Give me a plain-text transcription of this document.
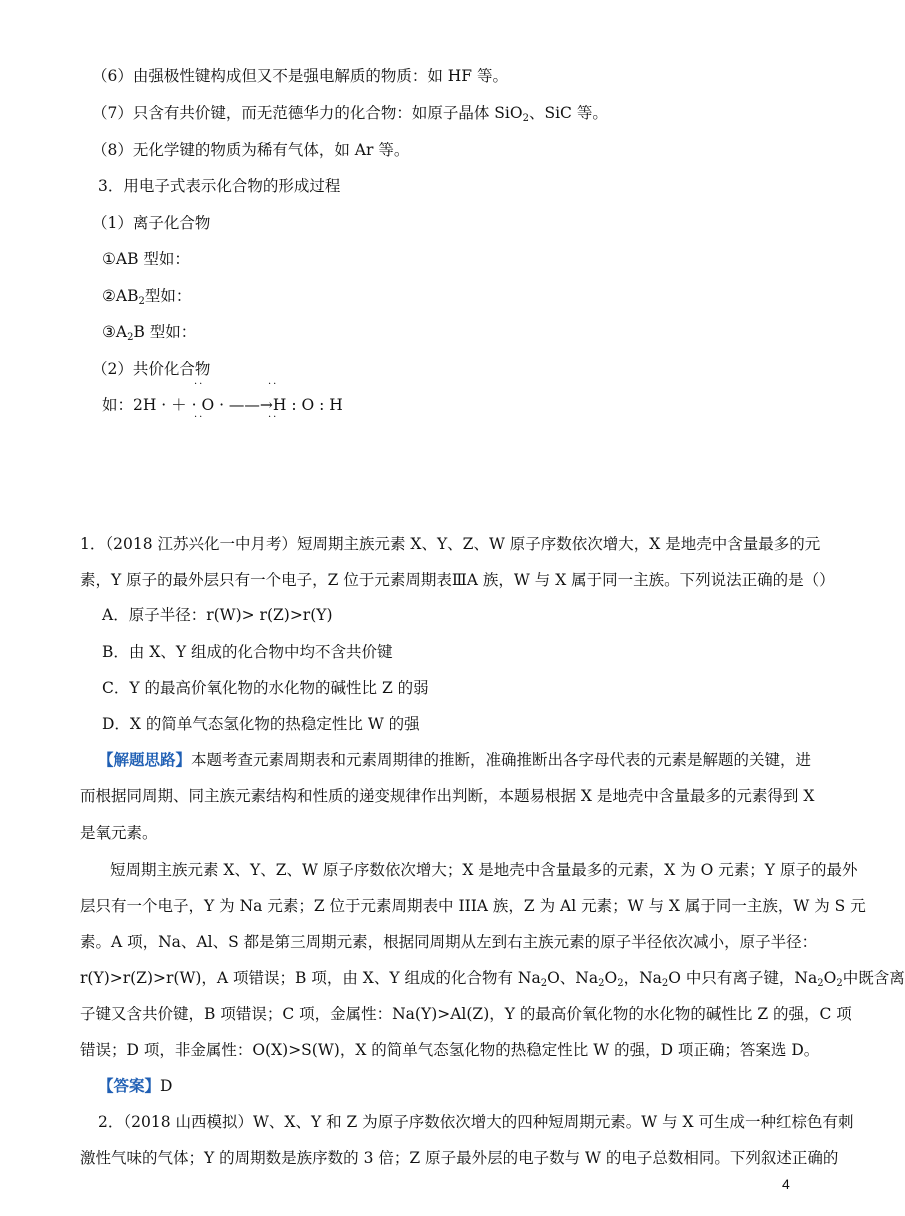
（6）由强极性键构成但又不是强电解质的物质：如 HF 等。
（7）只含有共价键，而无范德华力的化合物：如原子晶体 SiO$_2$、SiC 等。
（8）无化学键的物质为稀有气体，如 Ar 等。
3．用电子式表示化合物的形成过程
（1）离子化合物
①AB 型如：
$②AB_2$型如：
$③A_2B$ 型如：
（2）共价化合物
如：2H · ＋ · O · ——→H : O : H
··
··
··
··
1．（2018 江苏兴化一中月考）短周期主族元素 X、Y、Z、W 原子序数依次增大，X 是地壳中含量最多的元
素，Y 原子的最外层只有一个电子，Z 位于元素周期表ⅢA 族，W 与 X 属于同一主族。下列说法正确的是（）
A．原子半径：r(W)> r(Z)>r(Y)
B．由 X、Y 组成的化合物中均不含共价键
C．Y 的最高价氧化物的水化物的碱性比 Z 的弱
D．X 的简单气态氢化物的热稳定性比 W 的强
【解题思路】本题考查元素周期表和元素周期律的推断，准确推断出各字母代表的元素是解题的关键，进
而根据同周期、同主族元素结构和性质的递变规律作出判断，本题易根据 X 是地壳中含量最多的元素得到 X
是氧元素。
短周期主族元素 X、Y、Z、W 原子序数依次增大；X 是地壳中含量最多的元素，X 为 O 元素；Y 原子的最外
层只有一个电子，Y 为 Na 元素；Z 位于元素周期表中 IIIA 族，Z 为 Al 元素；W 与 X 属于同一主族，W 为 S 元
素。A 项，Na、Al、S 都是第三周期元素，根据同周期从左到右主族元素的原子半径依次减小，原子半径：
r(Y)>r(Z)>r(W)，A 项错误；B 项，由 X、Y 组成的化合物有 $Na_2O$、$Na_2O_2$，$Na_2O$ 中只有离子键，$Na_2O_2$中既含离
子键又含共价键，B 项错误；C 项，金属性：Na(Y)>Al(Z)，Y 的最高价氧化物的水化物的碱性比 Z 的强，C 项
错误；D 项，非金属性：O(X)>S(W)，X 的简单气态氢化物的热稳定性比 W 的强，D 项正确；答案选 D。
【答案】D
2．（2018 山西模拟）W、X、Y 和 Z 为原子序数依次增大的四种短周期元素。W 与 X 可生成一种红棕色有刺
激性气味的气体；Y 的周期数是族序数的 3 倍；Z 原子最外层的电子数与 W 的电子总数相同。下列叙述正确的
4
